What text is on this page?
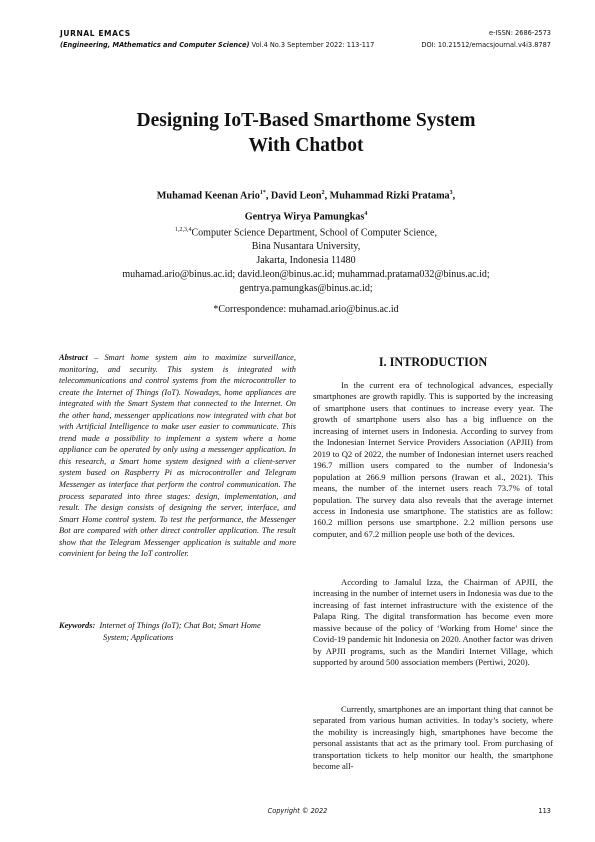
JURNAL EMACS
(Engineering, MAthematics and Computer Science) Vol.4 No.3 September 2022: 113-117
e-ISSN: 2686-2573
DOI: 10.21512/emacsjournal.v4i3.8787
Designing IoT-Based Smarthome System
With Chatbot
Muhamad Keenan Ario$^{1*}$, David Leon$^2$, Muhammad Rizki Pratama$^3$,
Gentrya Wirya Pamungkas$^4$
$^{1,2,3,4}$Computer Science Department, School of Computer Science,
Bina Nusantara University,
Jakarta, Indonesia 11480
muhamad.ario@binus.ac.id; david.leon@binus.ac.id; muhammad.pratama032@binus.ac.id;
gentrya.pamungkas@binus.ac.id;
*Correspondence: muhamad.ario@binus.ac.id
Abstract – Smart home system aim to maximize surveillance, monitoring, and security. This system is integrated with telecommunications and control systems from the microcontroller to create the Internet of Things (IoT). Nowadays, home appliances are integrated with the Smart System that connected to the Internet. On the other hand, messenger applications now integrated with chat bot with Artificial Intelligence to make user easier to communicate. This trend made a possibility to implement a system where a home appliance can be operated by only using a messenger application. In this research, a Smart home system designed with a client-server system based on Raspberry Pi as microcontroller and Telegram Messenger as interface that perform the control communication. The process separated into three stages: design, implementation, and result. The design consists of designing the server, interface, and Smart Home control system. To test the performance, the Messenger Bot are compared with other direct controller application. The result show that the Telegram Messenger application is suitable and more convinient for being the IoT controller.
Keywords: Internet of Things (IoT); Chat Bot; Smart Home
System; Applications
I. INTRODUCTION

In the current era of technological advances, especially smartphones are growth rapidly. This is supported by the increasing of smartphone users that continues to increase every year. The growth of smartphone users also has a big influence on the increasing of internet users in Indonesia. According to survey from the Indonesian Internet Service Providers Association (APJII) from 2019 to Q2 of 2022, the number of Indonesian internet users reached 196.7 million users compared to the number of Indonesia’s population at 266.9 million persons (Irawan et al., 2021). This means, the number of the internet users reach 73.7% of total population. The survey data also reveals that the average internet access in Indonesia use smartphone. The statistics are as follow: 160.2 million persons use smartphone. 2.2 million persons use computer, and 67.2 million people use both of the devices.

According to Jamalul Izza, the Chairman of APJII, the increasing in the number of internet users in Indonesia was due to the increasing of fast internet infrastructure with the existence of the Palapa Ring. The digital transformation has become even more massive because of the policy of ‘Working from Home’ since the Covid-19 pandemic hit Indonesia on 2020. Another factor was driven by APJII programs, such as the Mandiri Internet Village, which supported by around 500 association members (Pertiwi, 2020).

Currently, smartphones are an important thing that cannot be separated from various human activities. In today’s society, where the mobility is increasingly high, smartphones have become the personal assistants that act as the primary tool. From purchasing of transportation tickets to help monitor our health, the smartphone become all-

Copyright © 2022	113
